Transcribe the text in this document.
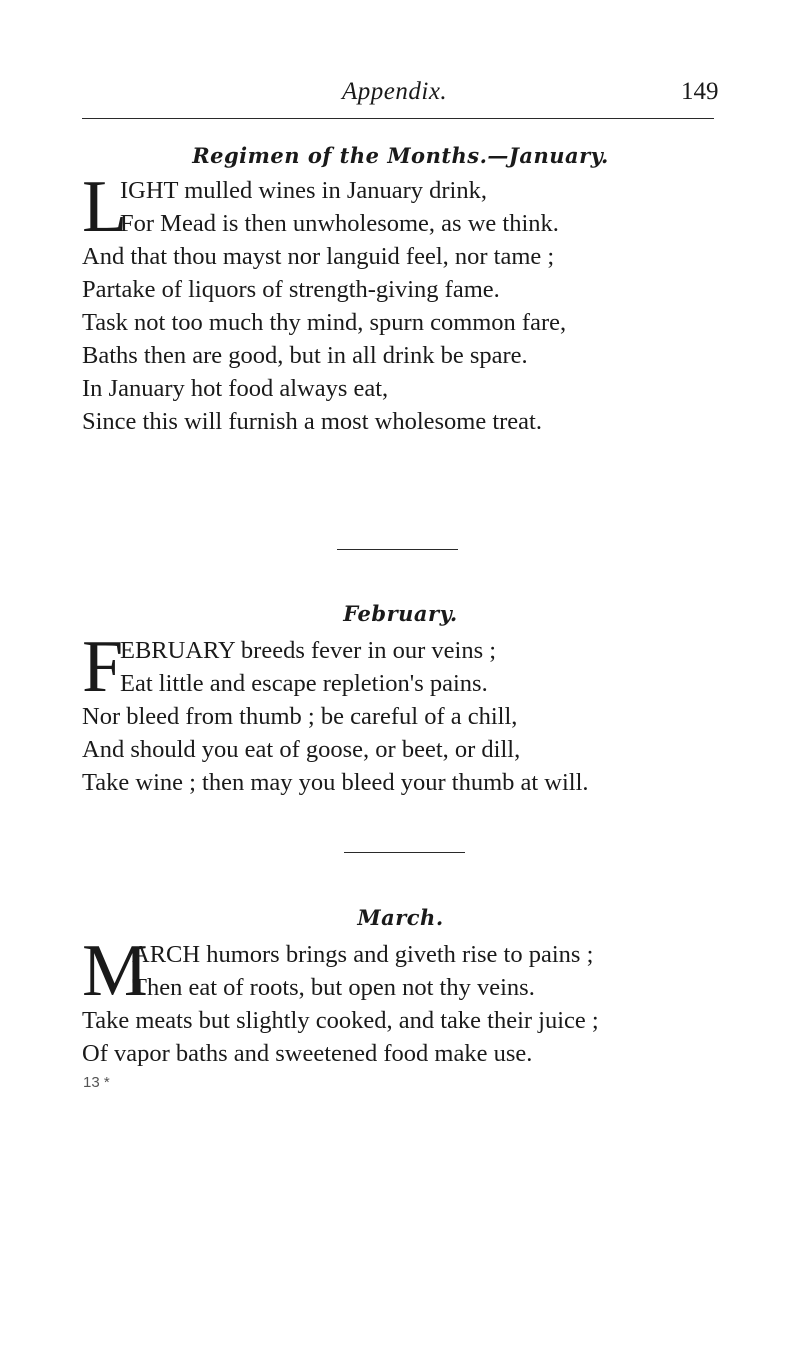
Appendix.	149
Regimen of the Months.—January.
L
IGHT mulled wines in January drink,
For Mead is then unwholesome, as we think.
And that thou mayst nor languid feel, nor tame ;
Partake of liquors of strength-giving fame.
Task not too much thy mind, spurn common fare,
Baths then are good, but in all drink be spare.
In January hot food always eat,
Since this will furnish a most wholesome treat.
February.
F
EBRUARY breeds fever in our veins ;
Eat little and escape repletion's pains.
Nor bleed from thumb ; be careful of a chill,
And should you eat of goose, or beet, or dill,
Take wine ; then may you bleed your thumb at will.
March.
M
ARCH humors brings and giveth rise to pains ;
Then eat of roots, but open not thy veins.
Take meats but slightly cooked, and take their juice ;
Of vapor baths and sweetened food make use.
13 *
